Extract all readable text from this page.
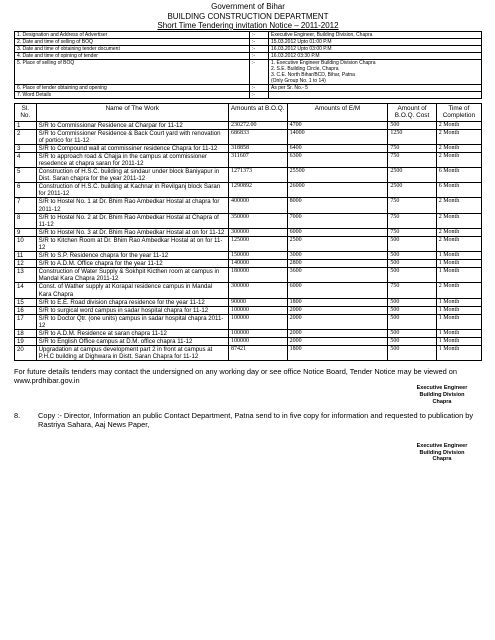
Government of Bihar
BUILDING CONSTRUCTION DEPARTMENT
Short Time Tendering invitation Notice – 2011-2012
1. Designation and Address of Advertiser	:-	Executive Engineer, Building Division, Chapra
2. Date and time of selling of BOQ	:-	15.03.2012 Upto 01:00 P.M
3. Date and time of obtaining tender document	:-	16.03.2012 Upto 03:00 P.M
4. Date and time of opining of tender	:-	16.03.2012 03:30 P.M
5. Place of selling of BOQ	:-	1. Executive Engineer Building Division Chapra
2. S.E. Building Circle, Chapra
3. C.E. North Bihar/BCD, Bihar, Patna
(Only Group No. 1 to 14)
6. Place of tender obtaining and opening	:-	As per Sr. No.- 5
7. Word Details	:-	
Sl. No.	Name of The Work	Amounts at B.O.Q.	Amounts of E/M	Amount of B.O.Q. Cost	Time of Completion
1	S/R to Commissionar Residence at Charpar for 11-12	230272.00	4700	500	2 Month
2	S/R to Commissioner Residence & Back Court yard with renovation of portico for 11-12	686833	14000	1250	2 Month
3	S/R to Compound wall at commissiner residence Chapra for 11-12	318858	6400	750	2 Month
4	S/R to approach road & Chajja in the campus at commissioner resedence at chapra saran for 2011-12	311607	6300	750	2 Month
5	Construction of H.S.C. building at sindaur under block Baniyapur in Dist. Saran chapra for the year 2011-12	1271373	25500	2500	6 Month
6	Construction of H.S.C. building at Kachnar in Revilganj block Saran for 2011-12	1290892	26000	2500	6 Month
7	S/R to Hostel No. 1 at Dr. Bhim Rao Ambedkar Hostal at chapra for 2011-12	400000	8000	750	2 Month
8	S/R to Hostel No. 2 at Dr. Bhim Rao Ambedkar Hostal at Chapra of 11-12	350000	7000	750	2 Month
9	S/R to Hostel No. 3 at Dr. Bhim Rao Ambedkar Hostal at on for 11-12	300000	6000	750	2 Month
10	S/R to Kitchen Room at Dr. Bhim Rao Ambedkar Hostal at on for 11-12	125000	2500	500	2 Month
11	S/R to S.P. Residence chapra for the year 11-12	150000	3000	500	1 Month
12	S/R to A.D.M. Office chapra for the year 11-12	140000	2800	500	1 Month
13	Construction of Water Supply & Sokhpit Kicthen room at campus in Mandal Kara Chapra 2011-12	180000	3600	500	1 Month
14	Const. of Wather supply at Korapal residence campus in Mandal Kara Chapra	300000	6000	750	2 Month
15	S/R to E.E. Road division chapra residence for the year 11-12	90000	1800	500	1 Month
16	S/R to surgical word campus in sadar hospital chapra for 11-12	100000	2000	500	1 Month
17	S/R to Doctor Qtr. (one units) campus in sadar hospital chapra 2011-12	100000	2000	500	1 Month
18	S/R to A.D.M. Residence at saran chapra 11-12	100000	2000	500	1 Month
19	S/R to English Office campus at D.M. office chapra 11-12	100000	2000	500	1 Month
20	Upgradation at campus development part 2 in front at campus at P.H.C building at Dighwara in Distt. Saran Chapra for 11-12	87421	1800	500	1 Month
For future details tenders may contact the undersigned on any working day or see office Notice Board, Tender Notice may be viewed on www.prdhibar.gov.in
Executive Engineer
Building Division
Chapra
8.	Copy :- Director, Information an public Contact Department, Patna send to in five copy for information and requested to publication by Rastriya Sahara, Aaj News Paper,
Executive Engineer
Building Division
Chapra
